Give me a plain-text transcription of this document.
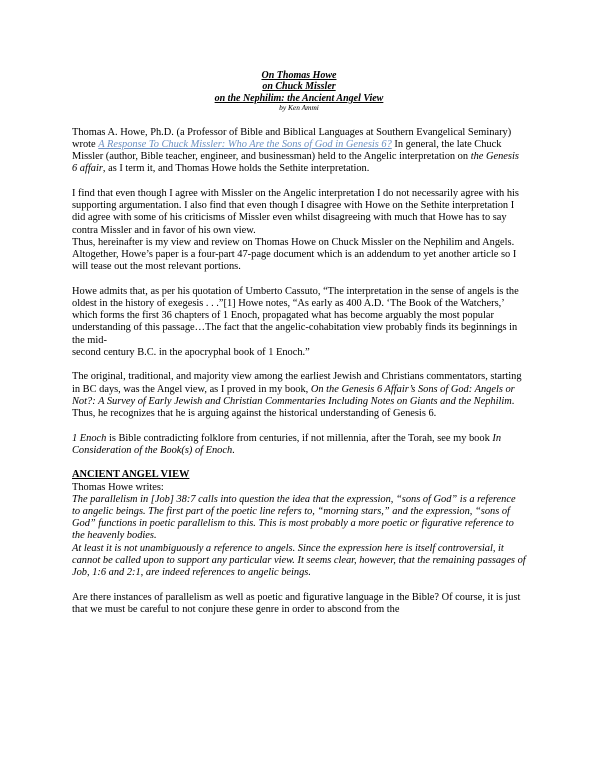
On Thomas Howe
on Chuck Missler
on the Nephilim: the Ancient Angel View
by Ken Ammi

Thomas A. Howe, Ph.D. (a Professor of Bible and Biblical Languages at Southern Evangelical Seminary) wrote A Response To Chuck Missler: Who Are the Sons of God in Genesis 6? In general, the late Chuck Missler (author, Bible teacher, engineer, and businessman) held to the Angelic interpretation on the Genesis 6 affair, as I term it, and Thomas Howe holds the Sethite interpretation.

I find that even though I agree with Missler on the Angelic interpretation I do not necessarily agree with his supporting argumentation. I also find that even though I disagree with Howe on the Sethite interpretation I did agree with some of his criticisms of Missler even whilst disagreeing with much that Howe has to say contra Missler and in favor of his own view.
Thus, hereinafter is my view and review on Thomas Howe on Chuck Missler on the Nephilim and Angels. Altogether, Howe’s paper is a four-part 47-page document which is an addendum to yet another article so I will tease out the most relevant portions.

Howe admits that, as per his quotation of Umberto Cassuto, “The interpretation in the sense of angels is the oldest in the history of exegesis . . .”[1] Howe notes, “As early as 400 A.D. ‘The Book of the Watchers,’ which forms the first 36 chapters of 1 Enoch, propagated what has become arguably the most popular understanding of this passage…The fact that the angelic-cohabitation view probably finds its beginnings in the mid-
second century B.C. in the apocryphal book of 1 Enoch.”

The original, traditional, and majority view among the earliest Jewish and Christians commentators, starting in BC days, was the Angel view, as I proved in my book, On the Genesis 6 Affair’s Sons of God: Angels or Not?: A Survey of Early Jewish and Christian Commentaries Including Notes on Giants and the Nephilim.
Thus, he recognizes that he is arguing against the historical understanding of Genesis 6.

1 Enoch is Bible contradicting folklore from centuries, if not millennia, after the Torah, see my book In Consideration of the Book(s) of Enoch.

ANCIENT ANGEL VIEW

Thomas Howe writes:

The parallelism in [Job] 38:7 calls into question the idea that the expression, “sons of God” is a reference to angelic beings. The first part of the poetic line refers to, “morning stars,” and the expression, “sons of God” functions in poetic parallelism to this. This is most probably a more poetic or figurative reference to the heavenly bodies.

At least it is not unambiguously a reference to angels. Since the expression here is itself controversial, it cannot be called upon to support any particular view. It seems clear, however, that the remaining passages of Job, 1:6 and 2:1, are indeed references to angelic beings.

Are there instances of parallelism as well as poetic and figurative language in the Bible? Of course, it is just that we must be careful to not conjure these genre in order to abscond from the
